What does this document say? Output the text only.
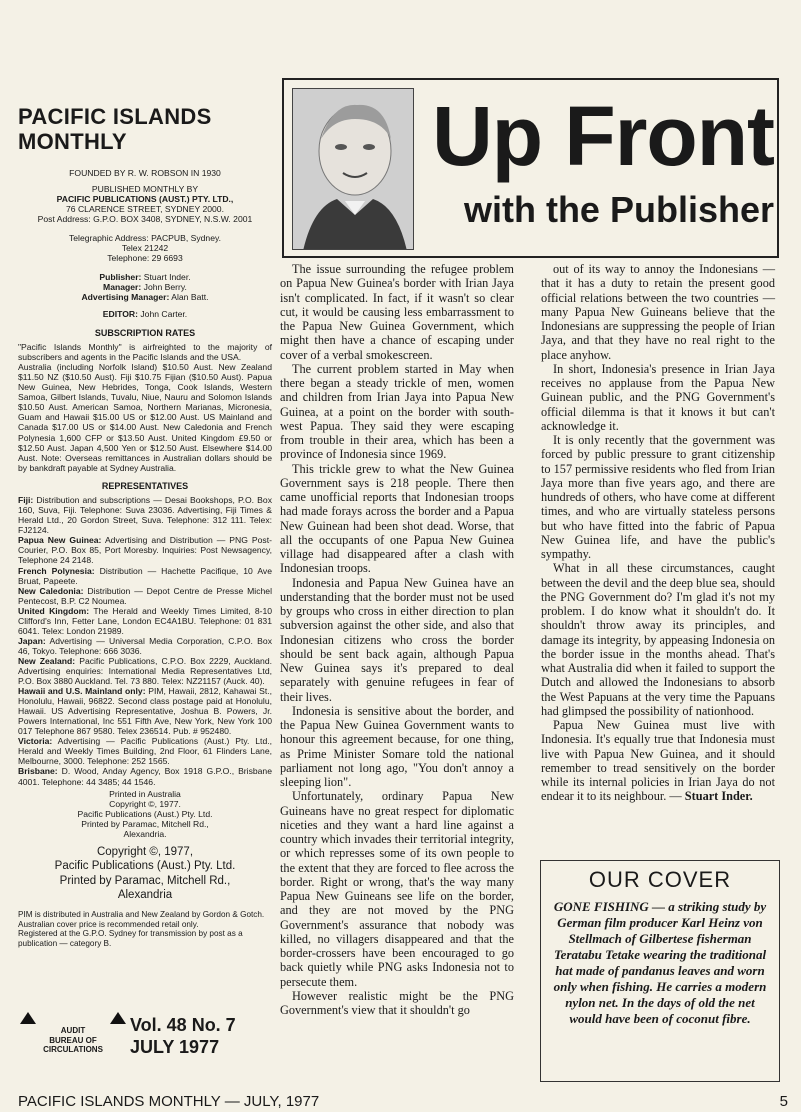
PACIFIC ISLANDS
MONTHLY
FOUNDED BY R. W. ROBSON IN 1930
PUBLISHED MONTHLY BY
PACIFIC PUBLICATIONS (AUST.) PTY. LTD.,
76 CLARENCE STREET, SYDNEY 2000.
Post Address: G.P.O. BOX 3408, SYDNEY, N.S.W. 2001
Telegraphic Address: PACPUB, Sydney.
Telex 21242
Telephone: 29 6693
Publisher: Stuart Inder.
Manager: John Berry.
Advertising Manager: Alan Batt.
EDITOR: John Carter.
SUBSCRIPTION RATES
"Pacific Islands Monthly" is airfreighted to the majority of subscribers and agents in the Pacific Islands and the USA.
Australia (including Norfolk Island) $10.50 Aust. New Zealand $11.50 NZ ($10.50 Aust). Fiji $10.75 Fijian ($10.50 Aust). Papua New Guinea, New Hebrides, Tonga, Cook Islands, Western Samoa, Gilbert Islands, Tuvalu, Niue, Nauru and Solomon Islands $10.50 Aust. American Samoa, Northern Marianas, Micronesia, Guam and Hawaii $15.00 US or $12.00 Aust. US Mainland and Canada $17.00 US or $14.00 Aust. New Caledonia and French Polynesia 1,600 CFP or $13.50 Aust. United Kingdom £9.50 or $12.50 Aust. Japan 4,500 Yen or $12.50 Aust. Elsewhere $14.00 Aust. Note: Overseas remittances in Australian dollars should be by bankdraft payable at Sydney Australia.
REPRESENTATIVES

Fiji: Distribution and subscriptions — Desai Bookshops, P.O. Box 160, Suva, Fiji. Telephone: Suva 23036. Advertising, Fiji Times & Herald Ltd., 20 Gordon Street, Suva. Telephone: 312 111. Telex: FJ2124.

Papua New Guinea: Advertising and Distribution — PNG Post-Courier, P.O. Box 85, Port Moresby. Inquiries: Post Newsagency, Telephone 24 2148.

French Polynesia: Distribution — Hachette Pacifique, 10 Ave Bruat, Papeete.

New Caledonia: Distribution — Depot Centre de Presse Michel Pentecost, B.P. C2 Noumea.

United Kingdom: The Herald and Weekly Times Limited, 8-10 Clifford's Inn, Fetter Lane, London EC4A1BU. Telephone: 01 831 6041. Telex: London 21989.

Japan: Advertising — Universal Media Corporation, C.P.O. Box 46, Tokyo. Telephone: 666 3036.

New Zealand: Pacific Publications, C.P.O. Box 2229, Auckland. Advertising enquiries: International Media Representatives Ltd, P.O. Box 3880 Auckland. Tel. 73 880. Telex: NZ21157 (Auck. 40).

Hawaii and U.S. Mainland only: PIM, Hawaii, 2812, Kahawai St., Honolulu, Hawaii, 96822. Second class postage paid at Honolulu, Hawaii. US Advertising Representative, Joshua B. Powers, Jr. Powers International, Inc 551 Fifth Ave, New York, New York 100 017 Telephone 867 9580. Telex 236514. Pub. # 952480.

Victoria: Advertising — Pacific Publications (Aust.) Pty. Ltd., Herald and Weekly Times Building, 2nd Floor, 61 Flinders Lane, Melbourne, 3000. Telephone: 252 1565.

Brisbane: D. Wood, Anday Agency, Box 1918 G.P.O., Brisbane 4001. Telephone: 44 3485; 44 1546.

Printed in Australia
Copyright ©, 1977.
Pacific Publications (Aust.) Pty. Ltd.
Printed by Paramac, Mitchell Rd.,
Alexandria.
Copyright ©, 1977,
Pacific Publications (Aust.) Pty. Ltd.
Printed by Paramac, Mitchell Rd.,
Alexandria
PIM is distributed in Australia and New Zealand by Gordon & Gotch. Australian cover price is recommended retail only.
Registered at the G.P.O. Sydney for transmission by post as a publication — category B.
AUDIT
BUREAU OF
CIRCULATIONS
Vol. 48 No. 7
JULY 1977
Up Front
with the Publisher

The issue surrounding the refugee problem on Papua New Guinea's border with Irian Jaya isn't complicated. In fact, if it wasn't so clear cut, it would be causing less embarrassment to the Papua New Guinea Government, which might then have a chance of escaping under cover of a verbal smokescreen.

The current problem started in May when there began a steady trickle of men, women and children from Irian Jaya into Papua New Guinea, at a point on the border with south-west Papua. They said they were escaping from trouble in their area, which has been a province of Indonesia since 1969.

This trickle grew to what the New Guinea Government says is 218 people. There then came unofficial reports that Indonesian troops had made forays across the border and a Papua New Guinean had been shot dead. Worse, that all the occupants of one Papua New Guinea village had disappeared after a clash with Indonesian troops.

Indonesia and Papua New Guinea have an understanding that the border must not be used by groups who cross in either direction to plan subversion against the other side, and also that Indonesian citizens who cross the border should be sent back again, although Papua New Guinea says it's prepared to deal separately with genuine refugees in fear of their lives.

Indonesia is sensitive about the border, and the Papua New Guinea Government wants to honour this agreement because, for one thing, as Prime Minister Somare told the national parliament not long ago, "You don't annoy a sleeping lion".

Unfortunately, ordinary Papua New Guineans have no great respect for diplomatic niceties and they want a hard line against a country which invades their territorial integrity, or which represses some of its own people to the extent that they are forced to flee across the border. Right or wrong, that's the way many Papua New Guineans see life on the border, and they are not moved by the PNG Government's assurance that nobody was killed, no villagers disappeared and that the border-crossers have been encouraged to go back quietly while PNG asks Indonesia not to persecute them.

However realistic might be the PNG Government's view that it shouldn't go

out of its way to annoy the Indonesians — that it has a duty to retain the present good official relations between the two countries — many Papua New Guineans believe that the Indonesians are suppressing the people of Irian Jaya, and that they have no real right to the place anyhow.

In short, Indonesia's presence in Irian Jaya receives no applause from the Papua New Guinean public, and the PNG Government's official dilemma is that it knows it but can't acknowledge it.

It is only recently that the government was forced by public pressure to grant citizenship to 157 permissive residents who fled from Irian Jaya more than five years ago, and there are hundreds of others, who have come at different times, and who are virtually stateless persons but who have fitted into the fabric of Papua New Guinea life, and have the public's sympathy.

What in all these circumstances, caught between the devil and the deep blue sea, should the PNG Government do? I'm glad it's not my problem. I do know what it shouldn't do. It shouldn't throw away its principles, and damage its integrity, by appeasing Indonesia on the border issue in the months ahead. That's what Australia did when it failed to support the Dutch and allowed the Indonesians to absorb the West Papuans at the very time the Papuans had glimpsed the possibility of nationhood.

Papua New Guinea must live with Indonesia. It's equally true that Indonesia must live with Papua New Guinea, and it should remember to tread sensitively on the border while its internal policies in Irian Jaya do not endear it to its neighbour. — Stuart Inder.

OUR COVER
GONE FISHING — a striking study by German film producer Karl Heinz von Stellmach of Gilbertese fisherman Teratabu Tetake wearing the traditional hat made of pandanus leaves and worn only when fishing. He carries a modern nylon net. In the days of old the net would have been of coconut fibre.
PACIFIC ISLANDS MONTHLY — JULY, 1977	5
